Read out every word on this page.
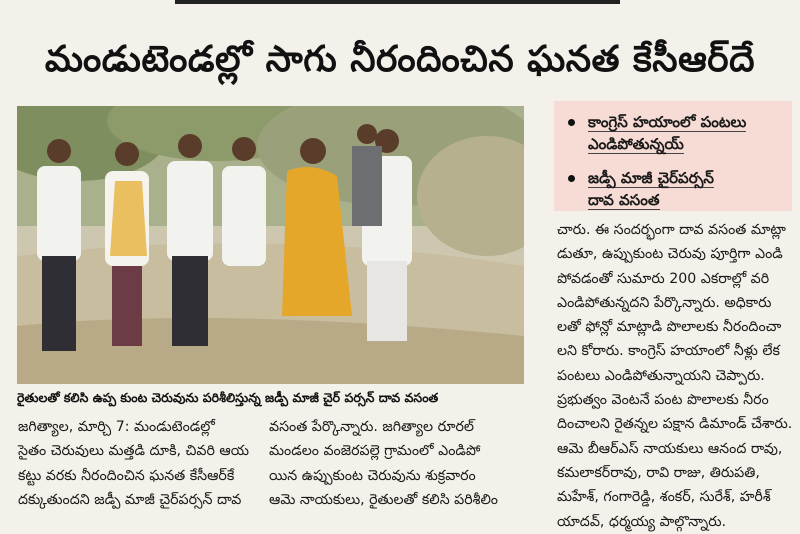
మండుటెండల్లో సాగు నీరందించిన ఘనత కేసీఆర్‌దే
రైతులతో కలిసి ఉప్ప కుంట చెరువును పరిశీలిస్తున్న జడ్పీ మాజీ చైర్ పర్సన్ దావ వసంత
కాంగ్రెస్ హయాంలో పంటలు
ఎండిపోతున్నయ్
జడ్పీ మాజీ చైర్‌పర్సన్
దావ వసంత
జగిత్యాల, మార్చి 7: మండుటెండల్లో
సైతం చెరువులు మత్తడి దూకి, చివరి ఆయ
కట్టు వరకు నీరందించిన ఘనత కేసీఆర్‌కే
దక్కుతుందని జడ్పీ మాజీ చైర్‌పర్సన్ దావ
వసంత పేర్కొన్నారు. జగిత్యాల రూరల్
మండలం వంజెరపల్లె గ్రామంలో ఎండిపో
యిన ఉప్పుకుంట చెరువును శుక్రవారం
ఆమె నాయకులు, రైతులతో కలిసి పరిశీలిం
చారు. ఈ సందర్భంగా దావ వసంత మాట్లా
డుతూ, ఉప్పుకుంట చెరువు పూర్తిగా ఎండి
పోవడంతో సుమారు 200 ఎకరాల్లో వరి
ఎండిపోతున్నదని పేర్కొన్నారు. అధికారు
లతో ఫోన్లో మాట్లాడి పొలాలకు నీరందించా
లని కోరారు. కాంగ్రెస్ హయాంలో నీళ్లు లేక
పంటలు ఎండిపోతున్నాయని చెప్పారు.
ప్రభుత్వం వెంటనే పంట పొలాలకు నీరం
దించాలని రైతన్నల పక్షాన డిమాండ్ చేశారు.
ఆమె బీఆర్ఎస్ నాయకులు ఆనంద రావు,
కమలాకర్‌రావు, రావి రాజు, తిరుపతి,
మహేశ్, గంగారెడ్డి, శంకర్, సురేశ్, హరీశ్
యాదవ్, ధర్మయ్య పాల్గొన్నారు.
